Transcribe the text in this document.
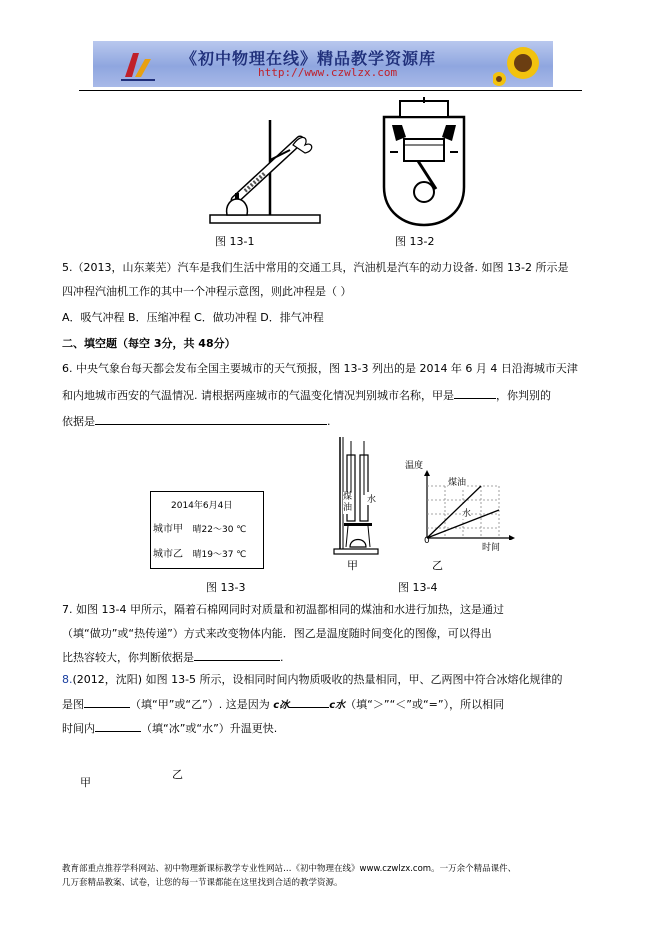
《初中物理在线》精品教学资源库
http://www.czwlzx.com
图 13-1	图 13-2
5.（2013，山东莱芜）汽车是我们生活中常用的交通工具，汽油机是汽车的动力设备. 如图 13-2 所示是
四冲程汽油机工作的其中一个冲程示意图，则此冲程是（ ）
A．吸气冲程 B．压缩冲程 C．做功冲程 D．排气冲程
二、填空题（每空 3分，共 48分）
6. 中央气象台每天都会发布全国主要城市的天气预报，图 13-3 列出的是 2014 年 6 月 4 日沿海城市天津
和内地城市西安的气温情况. 请根据两座城市的气温变化情况判别城市名称，甲是	，你判别的
依据是	.
2014年6月4日
城市甲 晴22～30 ℃
城市乙 晴19～37 ℃
图 13-3
煤油
水
甲
温度
煤油
水
0
时间
乙
图 13-4
7. 如图 13-4 甲所示，隔着石棉网同时对质量和初温都相同的煤油和水进行加热，这是通过
（填“做功”或“热传递”）方式来改变物体内能．图乙是温度随时间变化的图像，可以得出
比热容较大，你判断依据是	.
8.(2012，沈阳) 如图 13-5 所示，设相同时间内物质吸收的热量相同，甲、乙两图中符合冰熔化规律的
是图	（填“甲”或“乙”）. 这是因为 c冰	c水（填“＞”“＜”或“=”），所以相同
时间内	（填“冰”或“水”）升温更快.
甲
乙
教育部重点推荐学科网站、初中物理新课标教学专业性网站…《初中物理在线》www.czwlzx.com。一万余个精品课件、
几万套精品教案、试卷，让您的每一节课都能在这里找到合适的教学资源。
